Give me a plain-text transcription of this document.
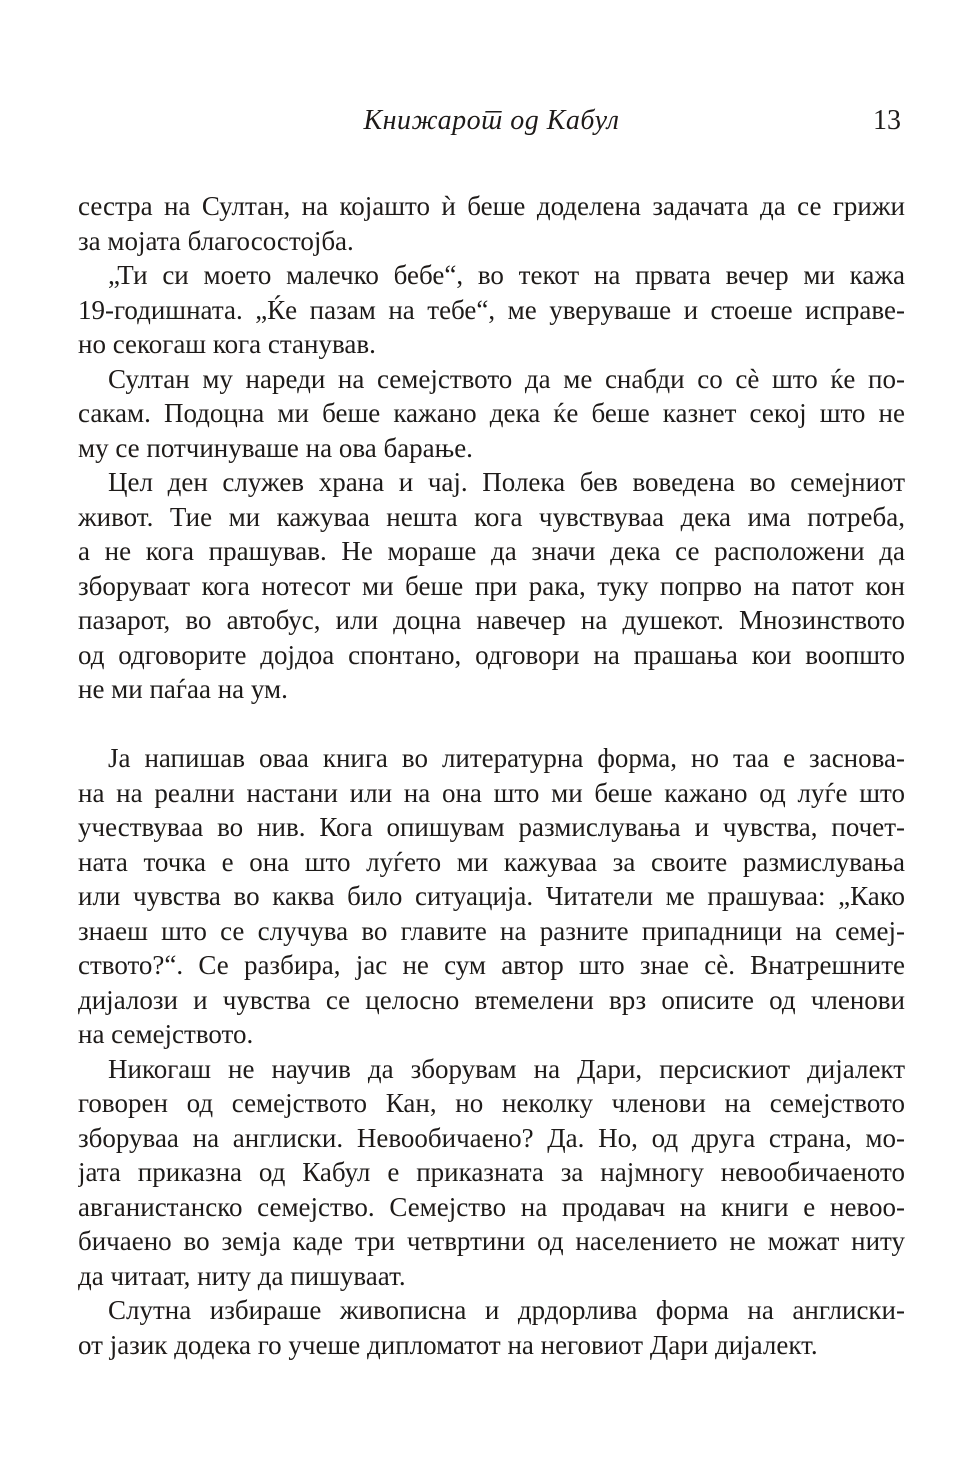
Книжарот од Кабул	13
сестра на Султан, на којашто ѝ беше доделена задачата да се грижи
за мојата благосостојба.
„Ти си моето малечко бебе“, во текот на првата вечер ми кажа
19-годишната. „Ќе пазам на тебе“, ме уверуваше и стоеше исправе-
но секогаш кога станував.
Султан му нареди на семејството да ме снабди со сѐ што ќе по-
сакам. Подоцна ми беше кажано дека ќе беше казнет секој што не
му се потчинуваше на ова барање.
Цел ден служев храна и чај. Полека бев воведена во семејниот
живот. Тие ми кажуваа нешта кога чувствуваа дека има потреба,
а не кога прашував. Не мораше да значи дека се расположени да
зборуваат кога нотесот ми беше при рака, туку попрво на патот кон
пазарот, во автобус, или доцна навечер на душекот. Мнозинството
од одговорите дојдоа спонтано, одговори на прашања кои воопшто
не ми паѓаа на ум.
Ја напишав оваа книга во литературна форма, но таа е заснова-
на на реални настани или на она што ми беше кажано од луѓе што
учествуваа во нив. Кога опишувам размислувања и чувства, почет-
ната точка е она што луѓето ми кажуваа за своите размислувања
или чувства во каква било ситуација. Читатели ме прашуваа: „Како
знаеш што се случува во главите на разните припадници на семеј-
ството?“. Се разбира, јас не сум автор што знае сѐ. Внатрешните
дијалози и чувства се целосно втемелени врз описите од членови
на семејството.
Никогаш не научив да зборувам на Дари, персискиот дијалект
говорен од семејството Кан, но неколку членови на семејството
зборуваа на англиски. Невообичаено? Да. Но, од друга страна, мо-
јата приказна од Кабул е приказната за најмногу невообичаеното
авганистанско семејство. Семејство на продавач на книги е невоо-
бичаено во земја каде три четвртини од населението не можат ниту
да читаат, ниту да пишуваат.
Слутна избираше живописна и дрдорлива форма на англиски-
от јазик додека го учеше дипломатот на неговиот Дари дијалект.
